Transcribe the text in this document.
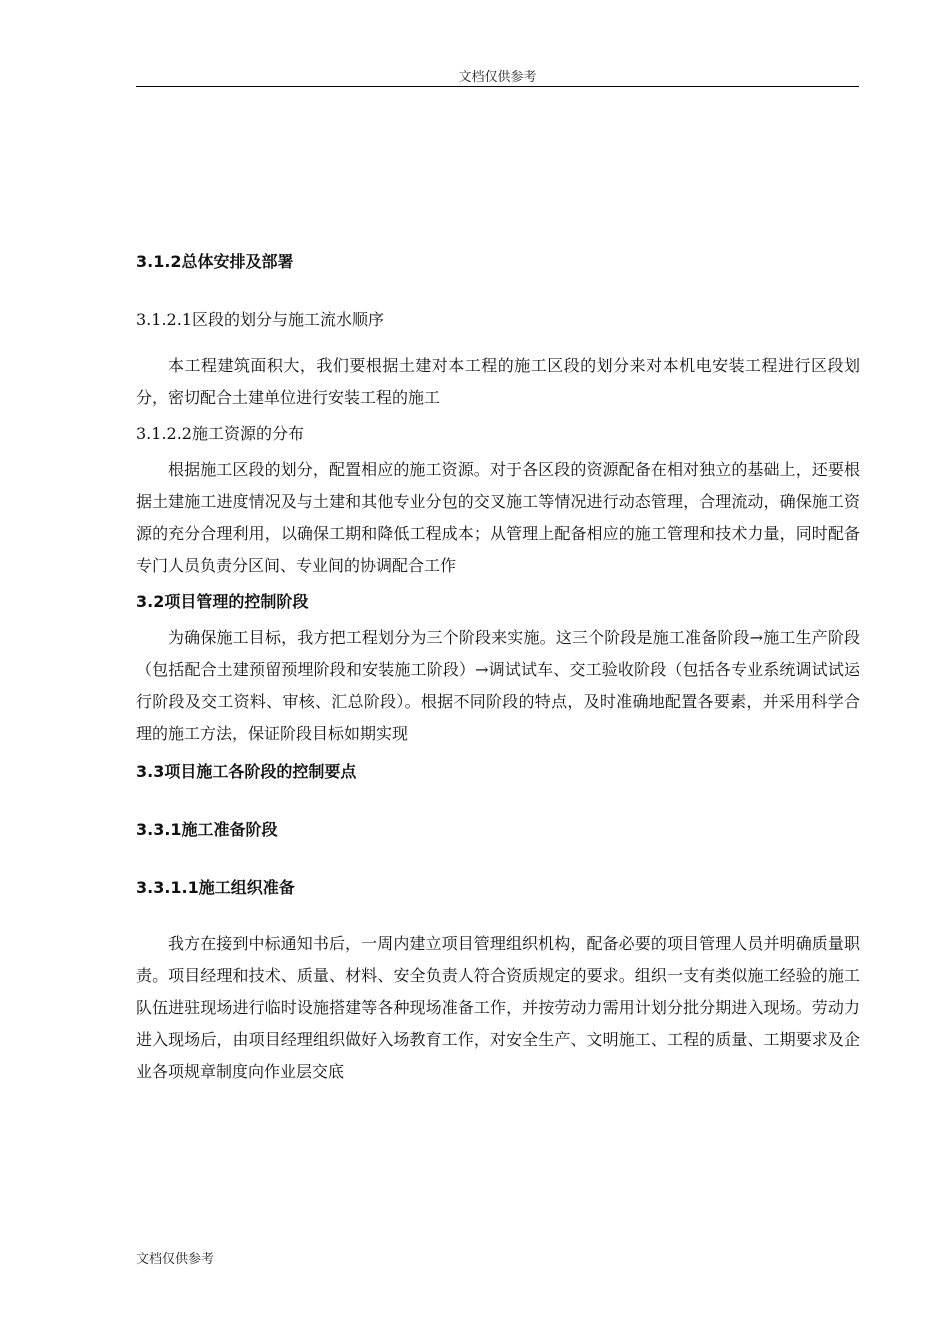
文档仅供参考

3.1.2总体安排及部署

3.1.2.1区段的划分与施工流水顺序

本工程建筑面积大，我们要根据土建对本工程的施工区段的划分来对本机电安装工程进行区段划分，密切配合土建单位进行安装工程的施工

3.1.2.2施工资源的分布

根据施工区段的划分，配置相应的施工资源。对于各区段的资源配备在相对独立的基础上，还要根据土建施工进度情况及与土建和其他专业分包的交叉施工等情况进行动态管理，合理流动，确保施工资源的充分合理利用，以确保工期和降低工程成本；从管理上配备相应的施工管理和技术力量，同时配备专门人员负责分区间、专业间的协调配合工作

3.2项目管理的控制阶段

为确保施工目标，我方把工程划分为三个阶段来实施。这三个阶段是施工准备阶段→施工生产阶段（包括配合土建预留预埋阶段和安装施工阶段）→调试试车、交工验收阶段（包括各专业系统调试试运行阶段及交工资料、审核、汇总阶段）。根据不同阶段的特点，及时准确地配置各要素，并采用科学合理的施工方法，保证阶段目标如期实现

3.3项目施工各阶段的控制要点

3.3.1施工准备阶段

3.3.1.1施工组织准备

我方在接到中标通知书后，一周内建立项目管理组织机构，配备必要的项目管理人员并明确质量职责。项目经理和技术、质量、材料、安全负责人符合资质规定的要求。组织一支有类似施工经验的施工队伍进驻现场进行临时设施搭建等各种现场准备工作，并按劳动力需用计划分批分期进入现场。劳动力进入现场后，由项目经理组织做好入场教育工作，对安全生产、文明施工、工程的质量、工期要求及企业各项规章制度向作业层交底

文档仅供参考
